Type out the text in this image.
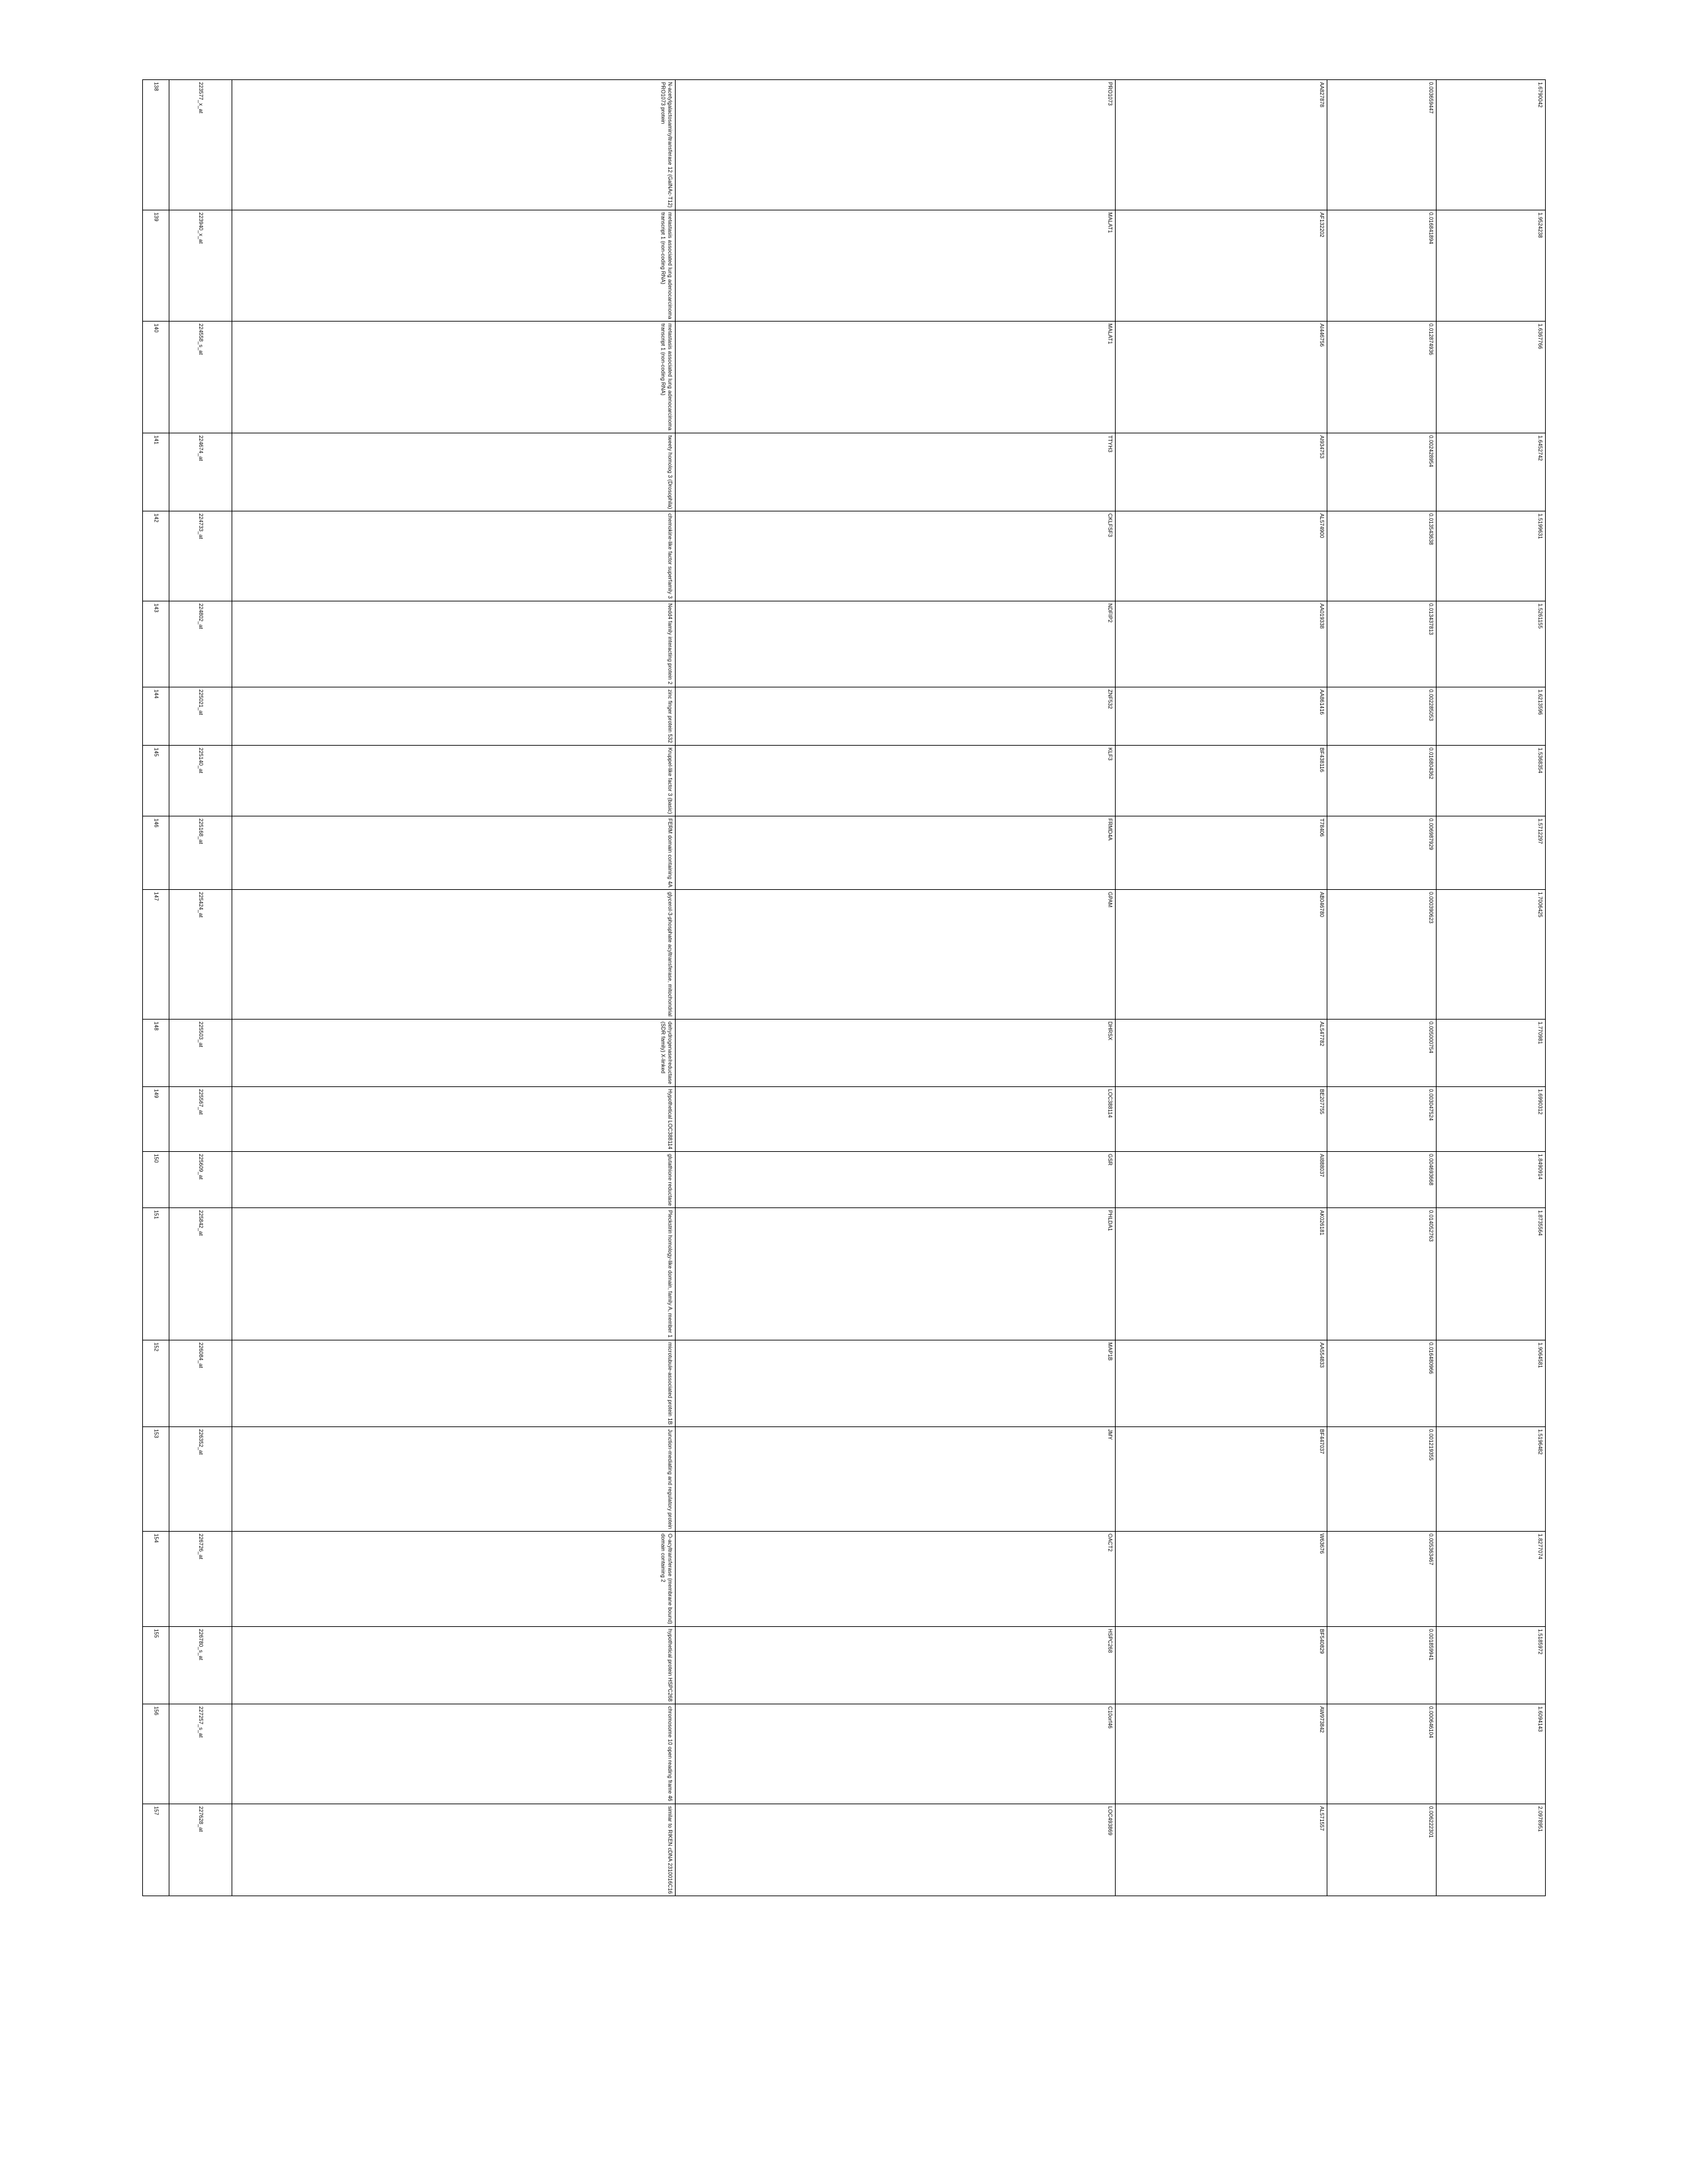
138	223577_x_at	N-acetylgalactosaminyltransferase 12 (GalNAc-T12)
PRO1073 protein	PRO1073	AA827878	0.003659447	1.6790042

139	223940_x_at	metastasis associated lung adenocarcinoma
transcript 1 (non-coding RNA)	MALAT1	AF132202	0.016841894	1.9524238

140	224558_s_at	metastasis associated lung adenocarcinoma
transcript 1 (non-coding RNA)	MALAT1	AI446756	0.012874936	1.6367766

141	224674_at	tweety homolog 3 (Drosophila)	TTYH3	AI934753	0.002428954	1.6452742

142	224733_at	chemokine-like factor superfamily 3	CKLFSF3	AL574900	0.013543638	1.5199631

143	224802_at	Nedd4 family interacting protein 2	NDFIP2	AA019338	0.013437813	1.5261155

144	225021_at	zinc finger protein 532	ZNF532	AA861416	0.002285053	1.6213596

145	225140_at	Kruppel-like factor 3 (basic)	KLF3	BF438116	0.016804362	1.5368354

146	225168_at	FERM domain containing 4A	FRMD4A	T78406	0.006987929	1.5712297

147	225424_at	glycerol-3-phosphate acyltransferase, mitochondrial	GPAM	AB046780	0.000390623	1.7006425

148	225503_at	dehydrogenase/reductase
(SDR family) X-linked	DHRSX	AL547782	0.005000754	1.770981

149	225567_at	Hypothetical LOC388114	LOC388114	BE207755	0.003047524	1.6990312

150	225609_at	glutathione reductase	GSR	AI888037	0.004693668	1.8490914

151	225842_at	Pleckstrin homology-like domain, family A, member 1	PHLDA1	AK026181	0.014052763	1.8735564

152	226084_at	microtubule-associated protein 1B	MAP1B	AA554833	0.016480966	1.9064581

153	226352_at	Junction-mediating and regulatory protein	JMY	BF447037	0.001219355	1.5196482

154	226726_at	O-acyltransferase (membrane bound)
domain containing 2	OACT2	W63676	0.005363467	1.8277074

155	226780_s_at	hypothetical protein HSPC268	HSPC268	BF540829	0.001859941	1.5185972

156	227257_s_at	chromosome 10 open reading frame 46	C10orf46	AW973842	0.000646104	1.6094143

157	227628_at	similar to RIKEN cDNA 2310016C16	LOC493869	AL571557	0.006222301	2.0978951
